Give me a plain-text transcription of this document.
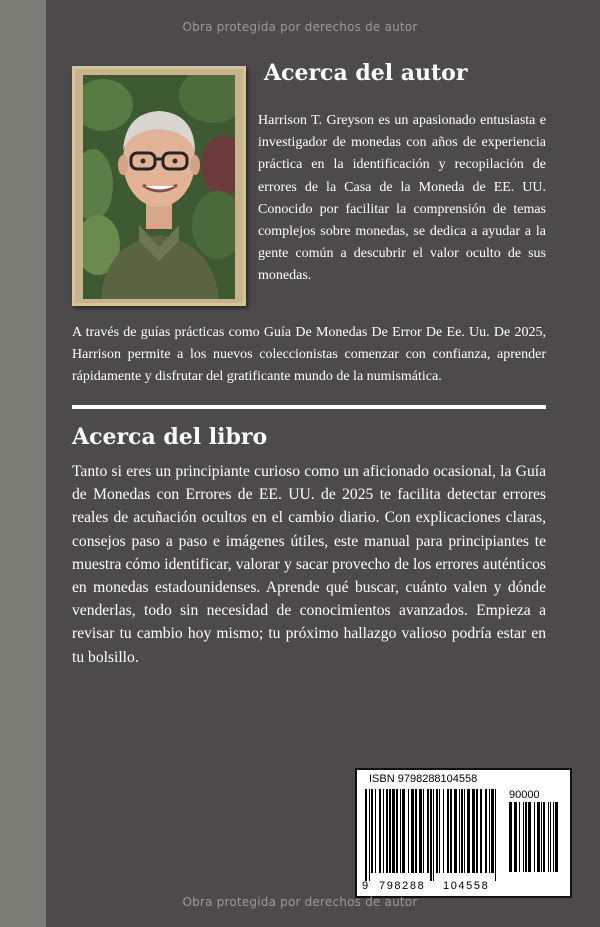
Obra protegida por derechos de autor
Acerca del autor

Harrison T. Greyson es un apasionado entusiasta e investigador de monedas con años de experiencia práctica en la identificación y recopilación de errores de la Casa de la Moneda de EE. UU. Conocido por facilitar la comprensión de temas complejos sobre monedas, se dedica a ayudar a la gente común a descubrir el valor oculto de sus monedas.

A través de guías prácticas como Guía De Monedas De Error De Ee. Uu. De 2025, Harrison permite a los nuevos coleccionistas comenzar con confianza, aprender rápidamente y disfrutar del gratificante mundo de la numismática.

Acerca del libro

Tanto si eres un principiante curioso como un aficionado ocasional, la Guía de Monedas con Errores de EE. UU. de 2025 te facilita detectar errores reales de acuñación ocultos en el cambio diario. Con explicaciones claras, consejos paso a paso e imágenes útiles, este manual para principiantes te muestra cómo identificar, valorar y sacar provecho de los errores auténticos en monedas estadounidenses. Aprende qué buscar, cuánto valen y dónde venderlas, todo sin necesidad de conocimientos avanzados. Empieza a revisar tu cambio hoy mismo; tu próximo hallazgo valioso podría estar en tu bolsillo.

ISBN 9798288104558
90000
9 798288 104558
Obra protegida por derechos de autor
